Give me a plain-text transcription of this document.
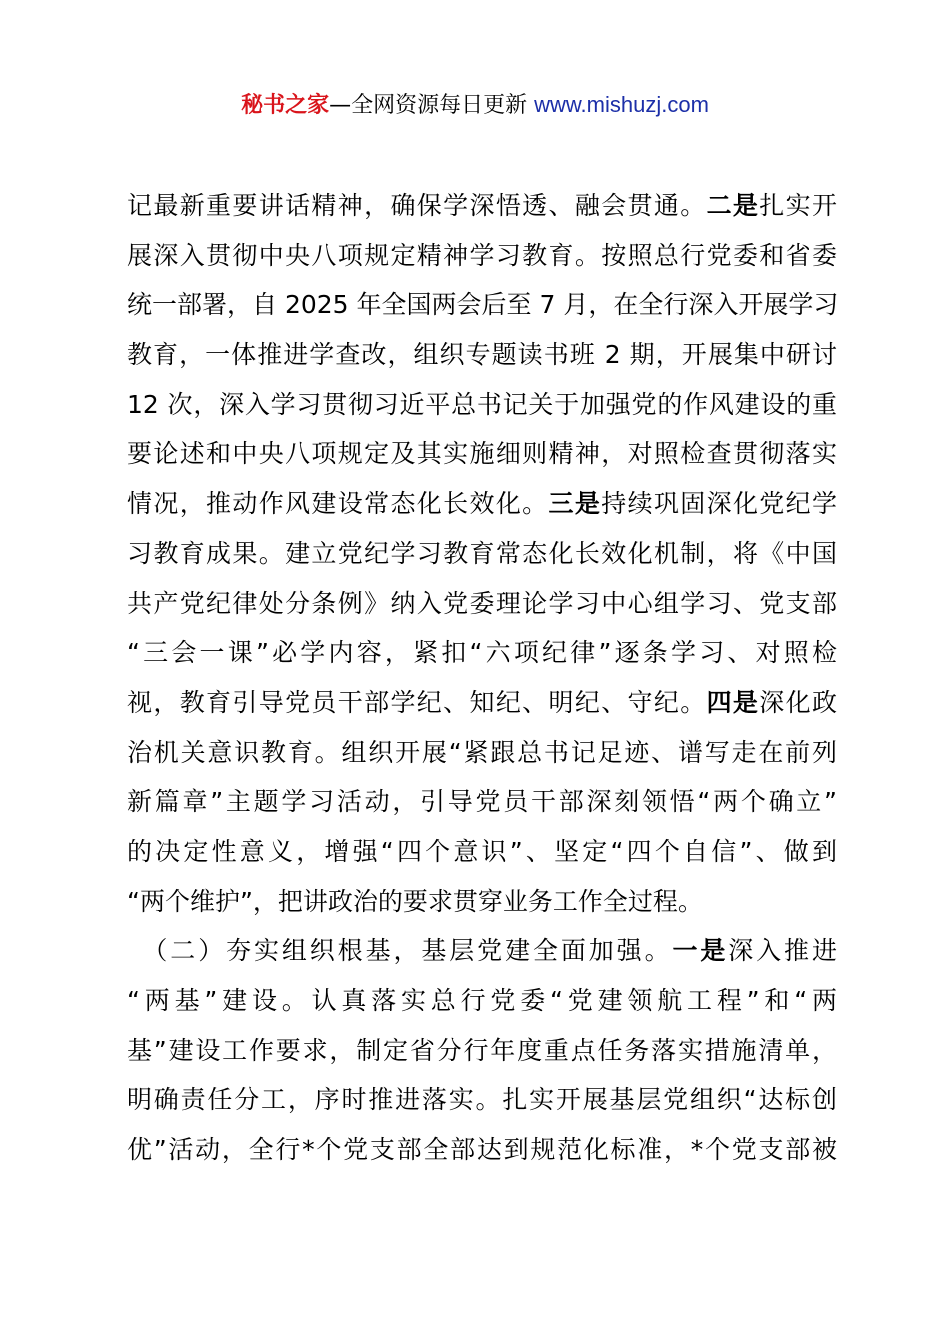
秘书之家—全网资源每日更新 www.mishuzj.com
记最新重要讲话精神，确保学深悟透、融会贯通。二是扎实开
展深入贯彻中央八项规定精神学习教育。按照总行党委和省委
统一部署，自 2025 年全国两会后至 7 月，在全行深入开展学习
教育，一体推进学查改，组织专题读书班 2 期，开展集中研讨
12 次，深入学习贯彻习近平总书记关于加强党的作风建设的重
要论述和中央八项规定及其实施细则精神，对照检查贯彻落实
情况，推动作风建设常态化长效化。三是持续巩固深化党纪学
习教育成果。建立党纪学习教育常态化长效化机制，将《中国
共产党纪律处分条例》纳入党委理论学习中心组学习、党支部
“三会一课”必学内容，紧扣“六项纪律”逐条学习、对照检
视，教育引导党员干部学纪、知纪、明纪、守纪。四是深化政
治机关意识教育。组织开展“紧跟总书记足迹、谱写走在前列
新篇章”主题学习活动，引导党员干部深刻领悟“两个确立”
的决定性意义，增强“四个意识”、坚定“四个自信”、做到
“两个维护”，把讲政治的要求贯穿业务工作全过程。
　（二）夯实组织根基，基层党建全面加强。一是深入推进
“两基”建设。认真落实总行党委“党建领航工程”和“两
基”建设工作要求，制定省分行年度重点任务落实措施清单，
明确责任分工，序时推进落实。扎实开展基层党组织“达标创
优”活动，全行*个党支部全部达到规范化标准，*个党支部被
